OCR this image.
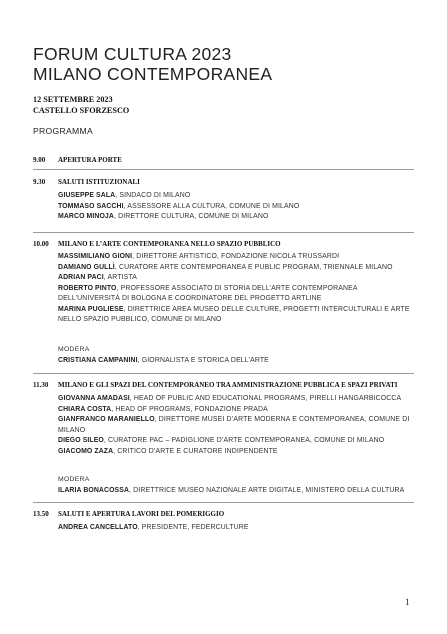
FORUM CULTURA 2023
MILANO CONTEMPORANEA
12 SETTEMBRE 2023
CASTELLO SFORZESCO
PROGRAMMA
9.00 APERTURA PORTE
9.30 SALUTI ISTITUZIONALI
GIUSEPPE SALA, SINDACO DI MILANO
TOMMASO SACCHI, ASSESSORE ALLA CULTURA, COMUNE DI MILANO
MARCO MINOJA, DIRETTORE CULTURA, COMUNE DI MILANO
10.00 MILANO E L’ARTE CONTEMPORANEA NELLO SPAZIO PUBBLICO
MASSIMILIANO GIONI, DIRETTORE ARTISTICO, FONDAZIONE NICOLA TRUSSARDI
DAMIANO GULLÌ, CURATORE ARTE CONTEMPORANEA E PUBLIC PROGRAM, TRIENNALE MILANO
ADRIAN PACI, ARTISTA
ROBERTO PINTO, PROFESSORE ASSOCIATO DI STORIA DELL’ARTE CONTEMPORANEA
DELL’UNIVERSITÀ DI BOLOGNA E COORDINATORE DEL PROGETTO ARTLINE
MARINA PUGLIESE, DIRETTRICE AREA MUSEO DELLE CULTURE, PROGETTI INTERCULTURALI E ARTE
NELLO SPAZIO PUBBLICO, COMUNE DI MILANO
MODERA
CRISTIANA CAMPANINI, GIORNALISTA E STORICA DELL’ARTE
11.30 MILANO E GLI SPAZI DEL CONTEMPORANEO TRA AMMINISTRAZIONE PUBBLICA E SPAZI PRIVATI
GIOVANNA AMADASI, HEAD OF PUBLIC AND EDUCATIONAL PROGRAMS, PIRELLI HANGARBICOCCA
CHIARA COSTA, HEAD OF PROGRAMS, FONDAZIONE PRADA
GIANFRANCO MARANIELLO, DIRETTORE MUSEI D’ARTE MODERNA E CONTEMPORANEA, COMUNE DI
MILANO
DIEGO SILEO, CURATORE PAC – PADIGLIONE D’ARTE CONTEMPORANEA, COMUNE DI MILANO
GIACOMO ZAZA, CRITICO D’ARTE E CURATORE INDIPENDENTE
MODERA
ILARIA BONACOSSA, DIRETTRICE MUSEO NAZIONALE ARTE DIGITALE, MINISTERO DELLA CULTURA
13.50 SALUTI E APERTURA LAVORI DEL POMERIGGIO
ANDREA CANCELLATO, PRESIDENTE, FEDERCULTURE
1
